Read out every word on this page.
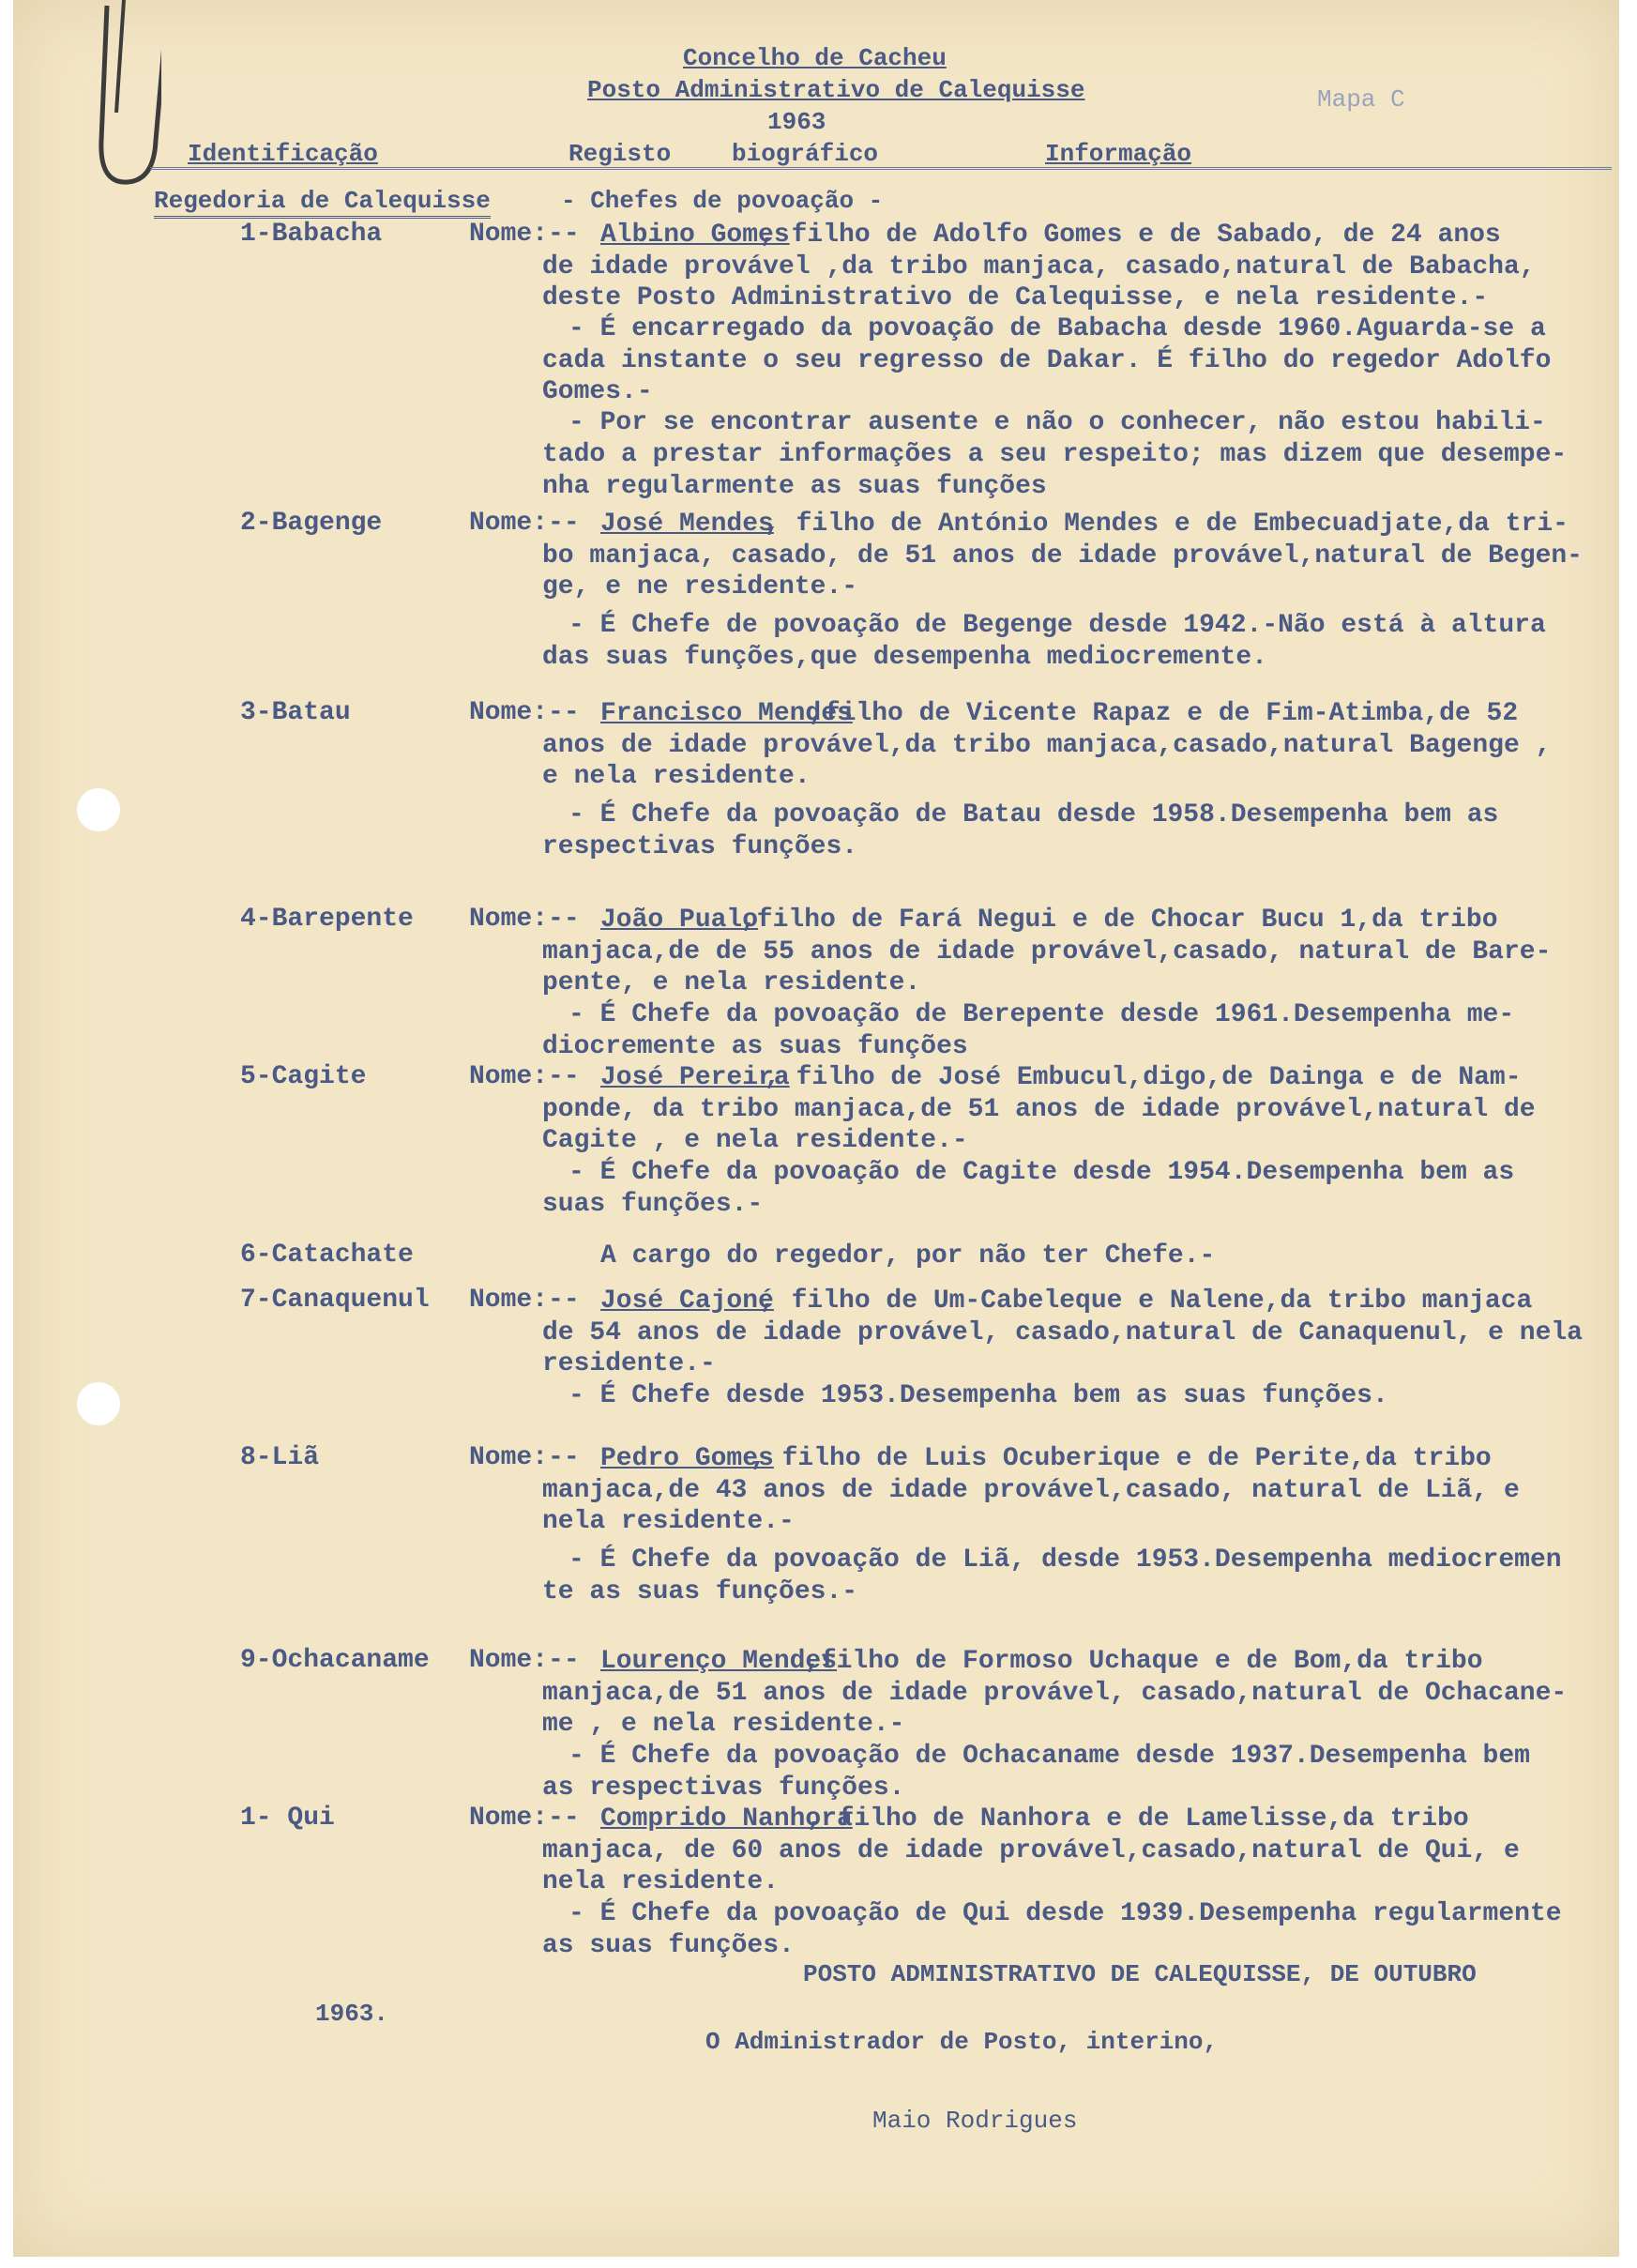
Concelho de Cacheu
Posto Administrativo de Calequisse
1963
Mapa C
Identificação	Registo biográfico	Informação
Regedoria de Calequisse	- Chefes de povoação -
1-Babacha	Nome:-- Albino Gomes
, filho de Adolfo Gomes e de Sabado, de 24 anos
de idade provável ,da tribo manjaca, casado,natural de Babacha,
deste Posto Administrativo de Calequisse, e nela residente.-
- É encarregado da povoação de Babacha desde 1960.Aguarda-se a
cada instante o seu regresso de Dakar. É filho do regedor Adolfo
Gomes.-
- Por se encontrar ausente e não o conhecer, não estou habili-
tado a prestar informações a seu respeito; mas dizem que desempe-
nha regularmente as suas funções
2-Bagenge	Nome:-- José Mendes
, filho de António Mendes e de Embecuadjate,da tri-
bo manjaca, casado, de 51 anos de idade provável,natural de Begen-
ge, e ne residente.-
- É Chefe de povoação de Begenge desde 1942.-Não está à altura
das suas funções,que desempenha mediocremente.
3-Batau	Nome:-- Francisco Mendes
,filho de Vicente Rapaz e de Fim-Atimba,de 52
anos de idade provável,da tribo manjaca,casado,natural Bagenge ,
e nela residente.
- É Chefe da povoação de Batau desde 1958.Desempenha bem as
respectivas funções.
4-Barepente Nome:-- João Pualo
,filho de Fará Negui e de Chocar Bucu 1,da tribo
manjaca,de de 55 anos de idade provável,casado, natural de Bare-
pente, e nela residente.
- É Chefe da povoação de Berepente desde 1961.Desempenha me-
diocremente as suas funções
5-Cagite	Nome:-- José Pereira
, filho de José Embucul,digo,de Dainga e de Nam-
ponde, da tribo manjaca,de 51 anos de idade provável,natural de
Cagite , e nela residente.-
- É Chefe da povoação de Cagite desde 1954.Desempenha bem as
suas funções.-
6-Catachate	A cargo do regedor, por não ter Chefe.-
7-Canaquenul Nome:-- José Cajoné
, filho de Um-Cabeleque e Nalene,da tribo manjaca
de 54 anos de idade provável, casado,natural de Canaquenul, e nela
residente.-
- É Chefe desde 1953.Desempenha bem as suas funções.
8-Liã	Nome:-- Pedro Gomes
, filho de Luis Ocuberique e de Perite,da tribo
manjaca,de 43 anos de idade provável,casado, natural de Liã, e
nela residente.-
- É Chefe da povoação de Liã, desde 1953.Desempenha mediocremen
te as suas funções.-
9-Ochacaname Nome:-- Lourenço Mendes
,filho de Formoso Uchaque e de Bom,da tribo
manjaca,de 51 anos de idade provável, casado,natural de Ochacane-
me , e nela residente.-
- É Chefe da povoação de Ochacaname desde 1937.Desempenha bem
as respectivas funções.
1- Qui	Nome:-- Comprido Nanhora
, filho de Nanhora e de Lamelisse,da tribo
manjaca, de 60 anos de idade provável,casado,natural de Qui, e
nela residente.
- É Chefe da povoação de Qui desde 1939.Desempenha regularmente
as suas funções.
POSTO ADMINISTRATIVO DE CALEQUISSE, DE OUTUBRO
1963.
O Administrador de Posto, interino,
Maio Rodrigues
